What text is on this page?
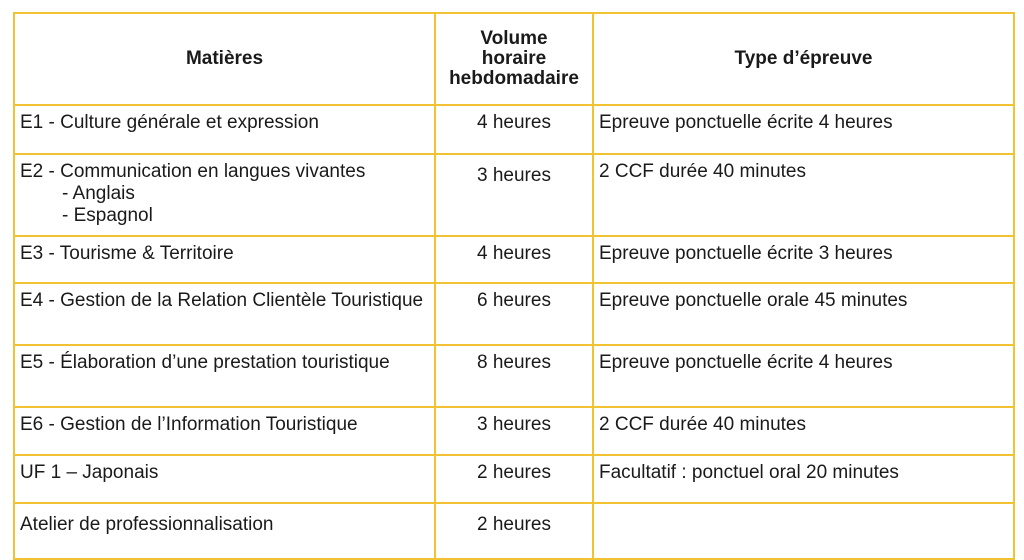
Matières	Volume
horaire
hebdomadaire	Type d’épreuve
E1 - Culture générale et expression	4 heures	Epreuve ponctuelle écrite 4 heures

E2 - Communication en langues vivantes
- Anglais
- Espagnol	3 heures	2 CCF durée 40 minutes
E3 - Tourisme & Territoire	4 heures	Epreuve ponctuelle écrite 3 heures
E4 - Gestion de la Relation Clientèle Touristique	6 heures	Epreuve ponctuelle orale 45 minutes
E5 - Élaboration d’une prestation touristique	8 heures	Epreuve ponctuelle écrite 4 heures
E6 - Gestion de l’Information Touristique	3 heures	2 CCF durée 40 minutes
UF 1 – Japonais	2 heures	Facultatif : ponctuel oral 20 minutes
Atelier de professionnalisation	2 heures	
